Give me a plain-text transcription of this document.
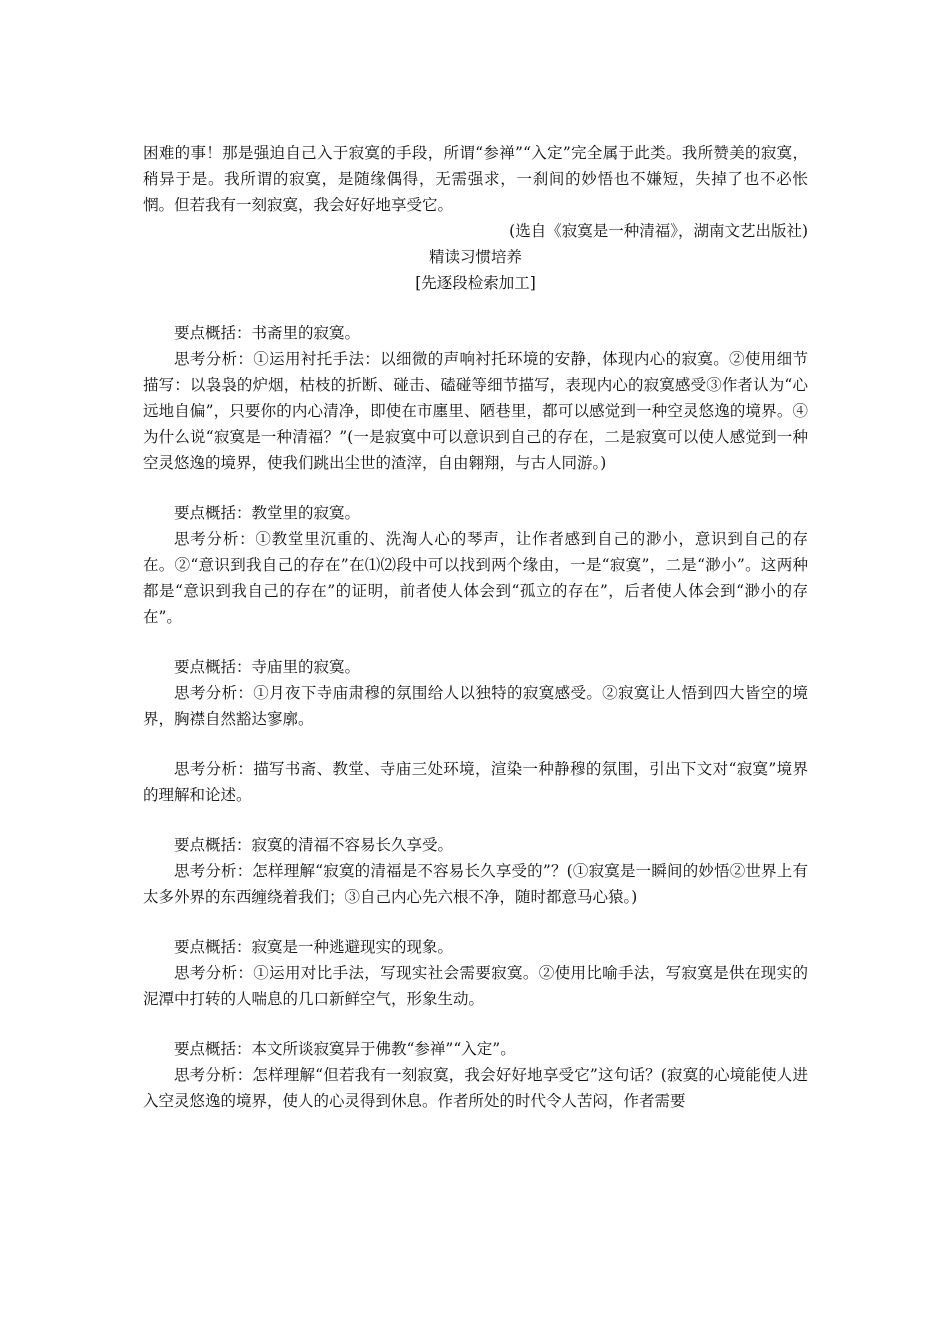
困难的事！那是强迫自己入于寂寞的手段，所谓“参禅”“入定”完全属于此类。我所赞美的寂寞，稍异于是。我所谓的寂寞，是随缘偶得，无需强求，一刹间的妙悟也不嫌短，失掉了也不必怅惘。但若我有一刻寂寞，我会好好地享受它。

(选自《寂寞是一种清福》，湖南文艺出版社)

精读习惯培养

[先逐段检索加工]

要点概括：书斋里的寂寞。

思考分析：①运用衬托手法：以细微的声响衬托环境的安静，体现内心的寂寞。②使用细节描写：以袅袅的炉烟，枯枝的折断、碰击、磕碰等细节描写，表现内心的寂寞感受③作者认为“心远地自偏”，只要你的内心清净，即使在市廛里、陋巷里，都可以感觉到一种空灵悠逸的境界。④为什么说“寂寞是一种清福？”(一是寂寞中可以意识到自己的存在，二是寂寞可以使人感觉到一种空灵悠逸的境界，使我们跳出尘世的渣滓，自由翱翔，与古人同游。)

要点概括：教堂里的寂寞。

思考分析：①教堂里沉重的、洗淘人心的琴声，让作者感到自己的渺小，意识到自己的存在。②“意识到我自己的存在”在⑴⑵段中可以找到两个缘由，一是“寂寞”，二是“渺小”。这两种都是“意识到我自己的存在”的证明，前者使人体会到“孤立的存在”，后者使人体会到“渺小的存在”。

要点概括：寺庙里的寂寞。

思考分析：①月夜下寺庙肃穆的氛围给人以独特的寂寞感受。②寂寞让人悟到四大皆空的境界，胸襟自然豁达寥廓。

思考分析：描写书斋、教堂、寺庙三处环境，渲染一种静穆的氛围，引出下文对“寂寞”境界的理解和论述。

要点概括：寂寞的清福不容易长久享受。

思考分析：怎样理解“寂寞的清福是不容易长久享受的”？(①寂寞是一瞬间的妙悟②世界上有太多外界的东西缠绕着我们；③自己内心先六根不净，随时都意马心猿。)

要点概括：寂寞是一种逃避现实的现象。

思考分析：①运用对比手法，写现实社会需要寂寞。②使用比喻手法，写寂寞是供在现实的泥潭中打转的人喘息的几口新鲜空气，形象生动。

要点概括：本文所谈寂寞异于佛教“参禅”“入定”。

思考分析：怎样理解“但若我有一刻寂寞，我会好好地享受它”这句话？(寂寞的心境能使人进入空灵悠逸的境界，使人的心灵得到休息。作者所处的时代令人苦闷，作者需要
